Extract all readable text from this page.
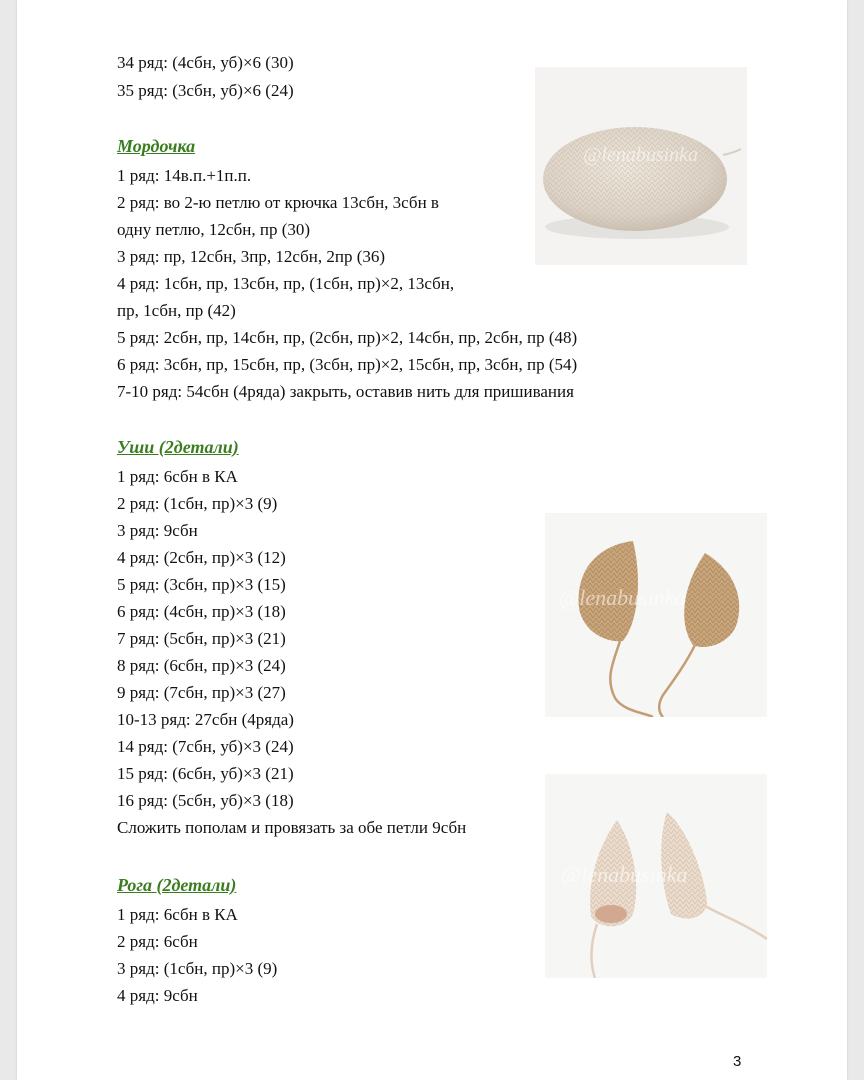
34 ряд: (4сбн, уб)×6 (30)
35 ряд: (3сбн, уб)×6 (24)
Мордочка
1 ряд: 14в.п.+1п.п.
2 ряд: во 2-ю петлю от крючка 13сбн, 3сбн в
одну петлю, 12сбн, пр (30)
3 ряд: пр, 12сбн, 3пр, 12сбн, 2пр (36)
4 ряд: 1сбн, пр, 13сбн, пр, (1сбн, пр)×2, 13сбн,
пр, 1сбн, пр (42)
5 ряд: 2сбн, пр, 14сбн, пр, (2сбн, пр)×2, 14сбн, пр, 2сбн, пр (48)
6 ряд: 3сбн, пр, 15сбн, пр, (3сбн, пр)×2, 15сбн, пр, 3сбн, пр (54)
7-10 ряд: 54сбн (4ряда) закрыть, оставив нить для пришивания
Уши (2детали)
1 ряд: 6сбн в КА
2 ряд: (1сбн, пр)×3 (9)
3 ряд: 9сбн
4 ряд: (2сбн, пр)×3 (12)
5 ряд: (3сбн, пр)×3 (15)
6 ряд: (4сбн, пр)×3 (18)
7 ряд: (5сбн, пр)×3 (21)
8 ряд: (6сбн, пр)×3 (24)
9 ряд: (7сбн, пр)×3 (27)
10-13 ряд: 27сбн (4ряда)
14 ряд: (7сбн, уб)×3 (24)
15 ряд: (6сбн, уб)×3 (21)
16 ряд: (5сбн, уб)×3 (18)
Сложить пополам и провязать за обе петли 9сбн
Рога (2детали)
1 ряд: 6сбн в КА
2 ряд: 6сбн
3 ряд: (1сбн, пр)×3 (9)
4 ряд: 9сбн
@lenabusinka
@lenabusinka
@lenabusinka
3
